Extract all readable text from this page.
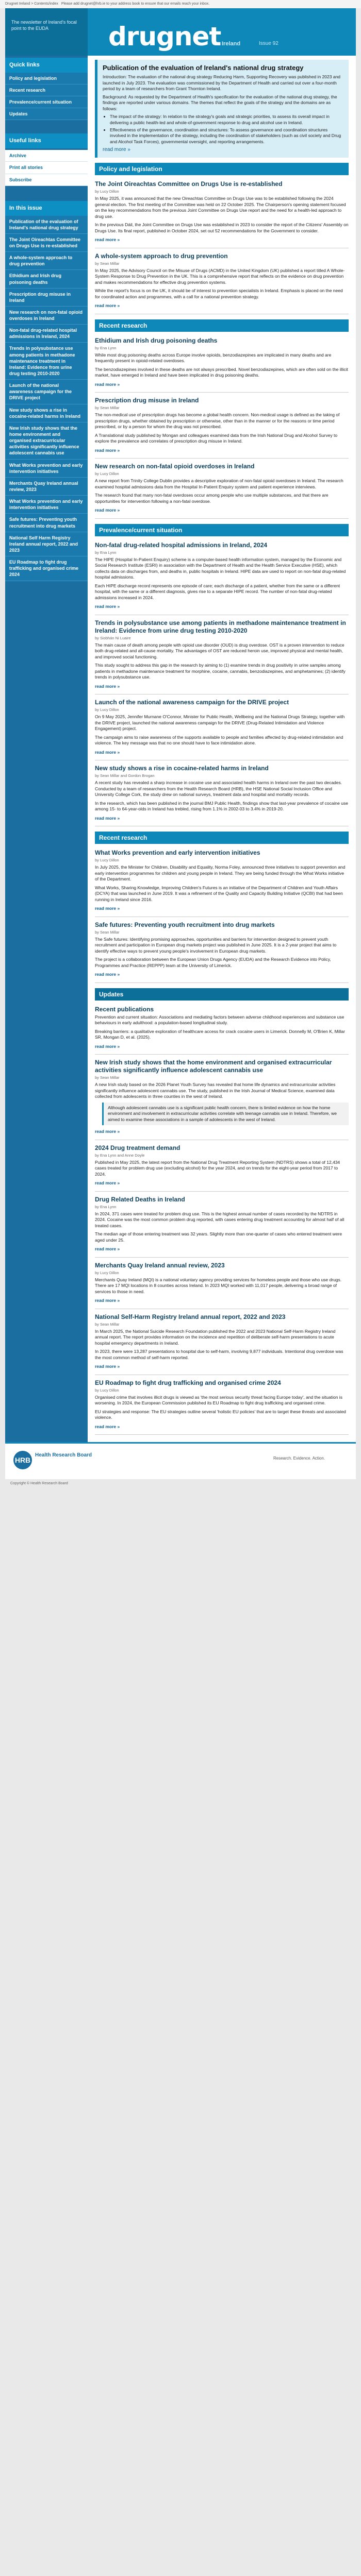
Drugnet Ireland > Contents/index Please add drugnet@hrb.ie to your address book to ensure that our emails reach your inbox.
The newsletter of Ireland's focal point to the EUDA	drugnet Ireland	Issue 92
Quick links
Policy and legislation
Recent research
Prevalence/current situation
Updates
Useful links
Archive
Print all stories
Subscribe
In this issue
Publication of the evaluation of Ireland's national drug strategy
The Joint Oireachtas Committee on Drugs Use is re-established
A whole-system approach to drug prevention
Ethidium and Irish drug poisoning deaths
Prescription drug misuse in Ireland
New research on non-fatal opioid overdoses in Ireland
Non-fatal drug-related hospital admissions in Ireland, 2024
Trends in polysubstance use among patients in methadone maintenance treatment in Ireland: Evidence from urine drug testing 2010-2020
Launch of the national awareness campaign for the DRIVE project
New study shows a rise in cocaine-related harms in Ireland
New Irish study shows that the home environment and organised extracurricular activities significantly influence adolescent cannabis use
What Works prevention and early intervention initiatives
Merchants Quay Ireland annual review, 2023
What Works prevention and early intervention initiatives
Safe futures: Preventing youth recruitment into drug markets
National Self Harm Registry Ireland annual report, 2022 and 2023
EU Roadmap to fight drug trafficking and organised crime 2024
Publication of the evaluation of Ireland's national drug strategy

Introduction: The evaluation of the national drug strategy Reducing Harm, Supporting Recovery was published in 2023 and launched in July 2023. The evaluation was commissioned by the Department of Health and carried out over a four-month period by a team of researchers from Grant Thornton Ireland.

Background: As requested by the Department of Health's specification for the evaluation of the national drug strategy, the findings are reported under various domains. The themes that reflect the goals of the strategy and the domains are as follows:

• The impact of the strategy: In relation to the strategy's goals and strategic priorities, to assess its overall impact in delivering a public health-led and whole-of-government response to drug and alcohol use in Ireland.
• Effectiveness of the governance, coordination and structures: To assess governance and coordination structures involved in the implementation of the strategy, including the coordination of stakeholders (such as civil society and Drug and Alcohol Task Forces), governmental oversight, and reporting arrangements.
read more »
Policy and legislation
The Joint Oireachtas Committee on Drugs Use is re-established
by Lucy Dillon

In May 2025, it was announced that the new Oireachtas Committee on Drugs Use was to be established following the 2024 general election. The first meeting of the Committee was held on 22 October 2025. The Chairperson's opening statement focused on the key recommendations from the previous Joint Committee on Drugs Use report and the need for a health-led approach to drug use.

In the previous Dáil, the Joint Committee on Drugs Use was established in 2023 to consider the report of the Citizens' Assembly on Drugs Use. Its final report, published in October 2024, set out 52 recommendations for the Government to consider.

read more »
A whole-system approach to drug prevention
by Sean Millar

In May 2025, the Advisory Council on the Misuse of Drugs (ACMD) in the United Kingdom (UK) published a report titled A Whole-System Response to Drug Prevention in the UK. This is a comprehensive report that reflects on the evidence on drug prevention and makes recommendations for effective drug prevention systems.

While the report's focus is on the UK, it should be of interest to prevention specialists in Ireland. Emphasis is placed on the need for coordinated action and programmes, with a call for a national prevention strategy.

read more »
Recent research
Ethidium and Irish drug poisoning deaths
by Ena Lynn

While most drug poisoning deaths across Europe involve opioids, benzodiazepines are implicated in many deaths and are frequently present in opioid-related overdoses.

The benzodiazepines involved in these deaths are not always prescribed. Novel benzodiazepines, which are often sold on the illicit market, have emerged in Ireland and have been implicated in drug poisoning deaths.

read more »
Prescription drug misuse in Ireland
by Sean Millar

The non-medical use of prescription drugs has become a global health concern. Non-medical usage is defined as the taking of prescription drugs, whether obtained by prescription or otherwise, other than in the manner or for the reasons or time period prescribed, or by a person for whom the drug was not prescribed.

A Translational study published by Mongan and colleagues examined data from the Irish National Drug and Alcohol Survey to explore the prevalence and correlates of prescription drug misuse in Ireland.

read more »
New research on non-fatal opioid overdoses in Ireland
by Lucy Dillon

A new report from Trinity College Dublin provides a descriptive exploration of non-fatal opioid overdoses in Ireland. The research examined hospital admissions data from the Hospital In-Patient Enquiry system and patient experience interviews.

The research found that many non-fatal overdoses occur among people who use multiple substances, and that there are opportunities for intervention following a non-fatal overdose.

read more »
Prevalence/current situation
Non-fatal drug-related hospital admissions in Ireland, 2024
by Ena Lynn

The HIPE (Hospital In-Patient Enquiry) scheme is a computer-based health information system, managed by the Economic and Social Research Institute (ESRI) in association with the Department of Health and the Health Service Executive (HSE), which collects data on discharges from, and deaths in, public hospitals in Ireland. HIPE data are used to report on non-fatal drug-related hospital admissions.

Each HIPE discharge record represents one episode of care; each discharge of a patient, whether from the same or a different hospital, with the same or a different diagnosis, gives rise to a separate HIPE record. The number of non-fatal drug-related admissions increased in 2024.

read more »
Trends in polysubstance use among patients in methadone maintenance treatment in Ireland: Evidence from urine drug testing 2010-2020
by Siobhán Ni Luaire

The main cause of death among people with opioid use disorder (OUD) is drug overdose. OST is a proven intervention to reduce both drug-related and all-cause mortality. The advantages of OST are reduced heroin use, improved physical and mental health, and improved social functioning.

This study sought to address this gap in the research by aiming to (1) examine trends in drug positivity in urine samples among patients in methadone maintenance treatment for morphine, cocaine, cannabis, benzodiazepines, and amphetamines; (2) identify trends in polysubstance use.

read more »
Launch of the national awareness campaign for the DRIVE project
by Lucy Dillon

On 9 May 2025, Jennifer Murnane O'Connor, Minister for Public Health, Wellbeing and the National Drugs Strategy, together with the DRIVE project, launched the national awareness campaign for the DRIVE (Drug-Related Intimidation and Violence Engagement) project.

The campaign aims to raise awareness of the supports available to people and families affected by drug-related intimidation and violence. The key message was that no one should have to face intimidation alone.

read more »
New study shows a rise in cocaine-related harms in Ireland
by Sean Millar and Gordon Brogan

A recent study has revealed a sharp increase in cocaine use and associated health harms in Ireland over the past two decades. Conducted by a team of researchers from the Health Research Board (HRB), the HSE National Social Inclusion Office and University College Cork, the study drew on national surveys, treatment data and hospital and mortality records.

In the research, which has been published in the journal BMJ Public Health, findings show that last-year prevalence of cocaine use among 15- to 64-year-olds in Ireland has trebled, rising from 1.1% in 2002-03 to 3.4% in 2019-20.

read more »
Recent research
What Works prevention and early intervention initiatives
by Lucy Dillon

In July 2025, the Minister for Children, Disability and Equality, Norma Foley, announced three initiatives to support prevention and early intervention programmes for children and young people in Ireland. They are being funded through the What Works initiative of the Department.

What Works, Sharing Knowledge, Improving Children's Futures is an initiative of the Department of Children and Youth Affairs (DCYA) that was launched in June 2019. It was a refinement of the Quality and Capacity Building Initiative (QCBI) that had been running in Ireland since 2016.

read more »
Safe futures: Preventing youth recruitment into drug markets
by Sean Millar

The Safe futures: Identifying promising approaches, opportunities and barriers for intervention designed to prevent youth recruitment and participation in European drug markets project was published in June 2025. It is a 2-year project that aims to identify effective ways to prevent young people's involvement in European drug markets.

The project is a collaboration between the European Union Drugs Agency (EUDA) and the Research Evidence into Policy, Programmes and Practice (REPPP) team at the University of Limerick.

read more »
Updates
Recent publications

Prevention and current situation: Associations and mediating factors between adverse childhood experiences and substance use behaviours in early adulthood: a population-based longitudinal study.

Breaking barriers: a qualitative exploration of healthcare access for crack cocaine users in Limerick. Donnelly M, O'Brien K, Millar SR, Mongan D, et al. (2025).

read more »
New Irish study shows that the home environment and organised extracurricular activities significantly influence adolescent cannabis use
by Sean Millar

A new Irish study based on the 2026 Planet Youth Survey has revealed that home life dynamics and extracurricular activities significantly influence adolescent cannabis use. The study, published in the Irish Journal of Medical Science, examined data collected from adolescents in three counties in the west of Ireland.

Although adolescent cannabis use is a significant public health concern, there is limited evidence on how the home environment and involvement in extracurricular activities correlate with teenage cannabis use in Ireland. Therefore, we aimed to examine these associations in a sample of adolescents in the west of Ireland.
read more »
2024 Drug treatment demand
by Ena Lynn and Anne Doyle

Published in May 2025, the latest report from the National Drug Treatment Reporting System (NDTRS) shows a total of 12,434 cases treated for problem drug use (excluding alcohol) for the year 2024, and on trends for the eight-year period from 2017 to 2024.

read more »
Drug Related Deaths in Ireland
by Ena Lynn

In 2024, 371 cases were treated for problem drug use. This is the highest annual number of cases recorded by the NDTRS in 2024. Cocaine was the most common problem drug reported, with cases entering drug treatment accounting for almost half of all treated cases.

The median age of those entering treatment was 32 years. Slightly more than one-quarter of cases who entered treatment were aged under 25.

read more »
Merchants Quay Ireland annual review, 2023
by Lucy Dillon

Merchants Quay Ireland (MQI) is a national voluntary agency providing services for homeless people and those who use drugs. There are 17 MQI locations in 8 counties across Ireland. In 2023 MQI worked with 11,017 people, delivering a broad range of services to those in need.

read more »
National Self-Harm Registry Ireland annual report, 2022 and 2023
by Sean Millar

In March 2025, the National Suicide Research Foundation published the 2022 and 2023 National Self-Harm Registry Ireland annual report. The report provides information on the incidence and repetition of deliberate self-harm presentations to acute hospital emergency departments in Ireland.

In 2023, there were 13,287 presentations to hospital due to self-harm, involving 9,877 individuals. Intentional drug overdose was the most common method of self-harm reported.

read more »
EU Roadmap to fight drug trafficking and organised crime 2024
by Lucy Dillon

Organised crime that involves illicit drugs is viewed as 'the most serious security threat facing Europe today', and the situation is worsening. In 2024, the European Commission published its EU Roadmap to fight drug trafficking and organised crime.

EU strategies and response: The EU strategies outline several 'holistic EU policies' that are to target these threats and associated violence.

read more »
HRB
Health Research Board
Research. Evidence. Action.
Copyright © Health Research Board
